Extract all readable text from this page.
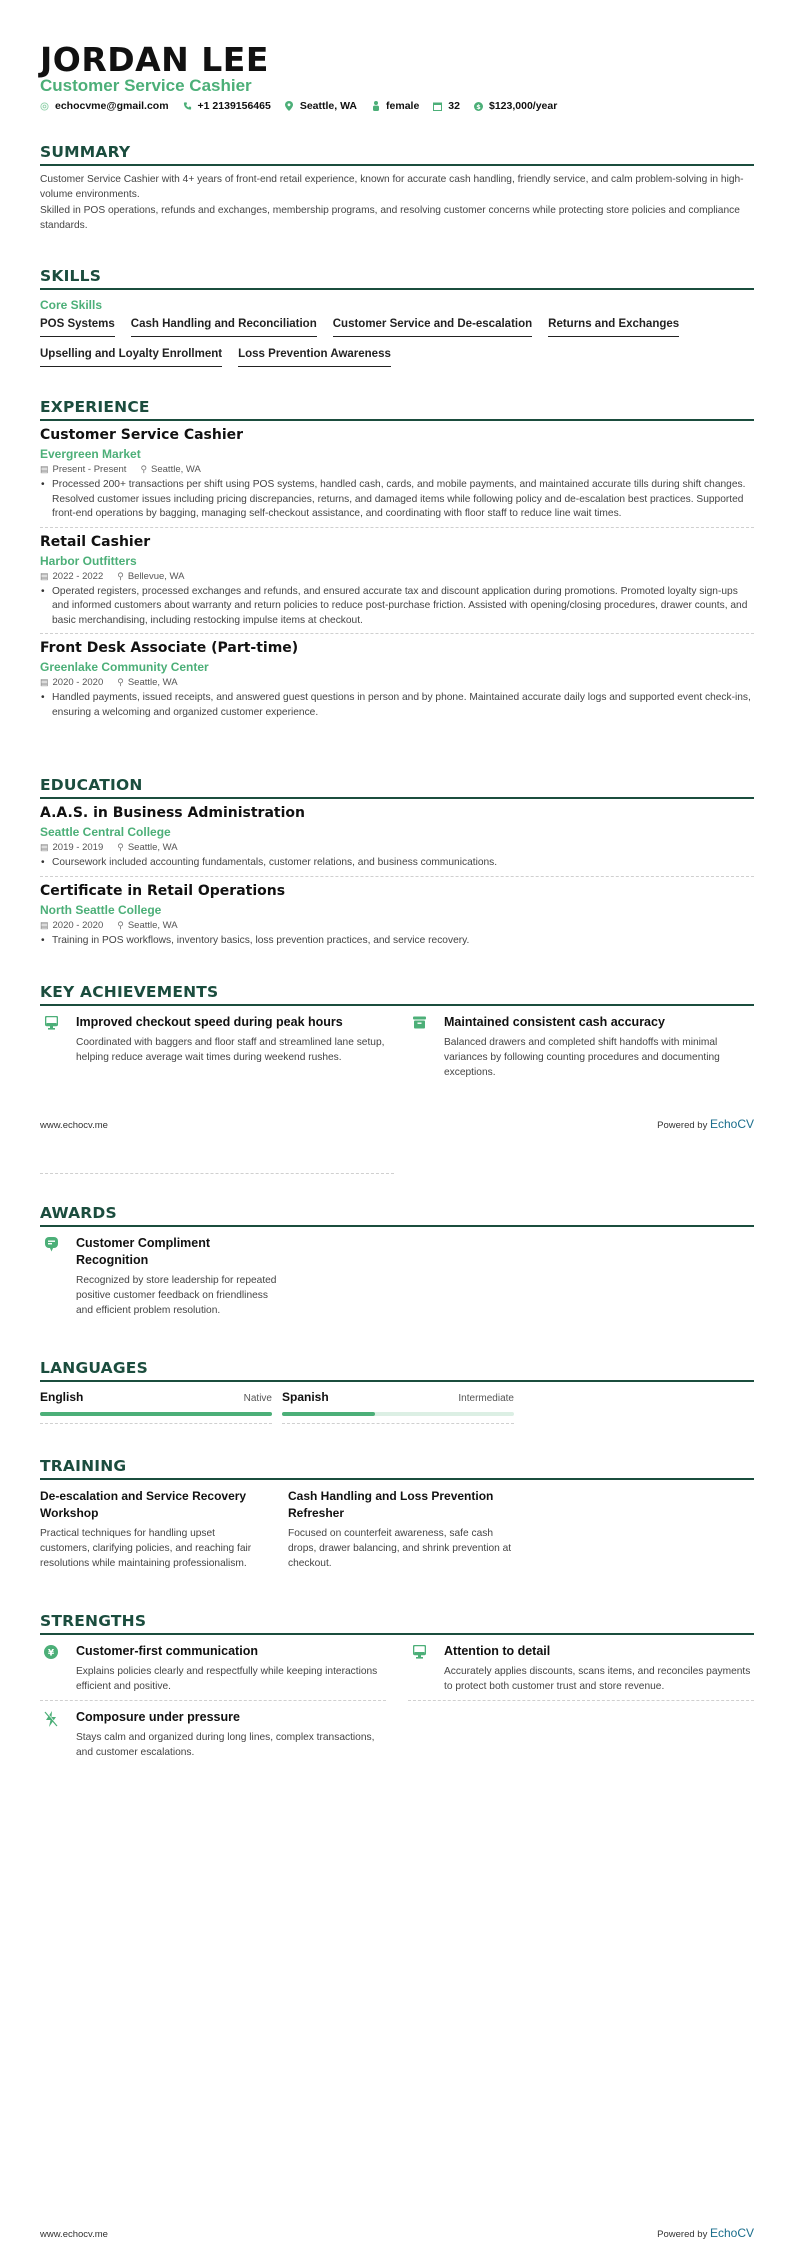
JORDAN LEE
Customer Service Cashier
echocvme@gmail.com	+1 2139156465	Seattle, WA	female	32 $ $123,000/year
SUMMARY
Customer Service Cashier with 4+ years of front-end retail experience, known for accurate cash handling, friendly service, and calm problem-solving in high-volume environments.
Skilled in POS operations, refunds and exchanges, membership programs, and resolving customer concerns while protecting store policies and compliance standards.
SKILLS
Core Skills
POS Systems Cash Handling and Reconciliation Customer Service and De-escalation Returns and Exchanges
Upselling and Loyalty Enrollment Loss Prevention Awareness
EXPERIENCE
Customer Service Cashier
Evergreen Market
▤ Present - Present ⚲ Seattle, WA
• Processed 200+ transactions per shift using POS systems, handled cash, cards, and mobile payments, and maintained accurate tills during shift changes. Resolved customer issues including pricing discrepancies, returns, and damaged items while following policy and de-escalation best practices. Supported front-end operations by bagging, managing self-checkout assistance, and coordinating with floor staff to reduce line wait times.
Retail Cashier
Harbor Outfitters
▤ 2022 - 2022 ⚲ Bellevue, WA
• Operated registers, processed exchanges and refunds, and ensured accurate tax and discount application during promotions. Promoted loyalty sign-ups and informed customers about warranty and return policies to reduce post-purchase friction. Assisted with opening/closing procedures, drawer counts, and basic merchandising, including restocking impulse items at checkout.
Front Desk Associate (Part-time)
Greenlake Community Center
▤ 2020 - 2020 ⚲ Seattle, WA
• Handled payments, issued receipts, and answered guest questions in person and by phone. Maintained accurate daily logs and supported event check-ins, ensuring a welcoming and organized customer experience.
EDUCATION
A.A.S. in Business Administration
Seattle Central College
▤ 2019 - 2019 ⚲ Seattle, WA
• Coursework included accounting fundamentals, customer relations, and business communications.
Certificate in Retail Operations
North Seattle College
▤ 2020 - 2020 ⚲ Seattle, WA
• Training in POS workflows, inventory basics, loss prevention practices, and service recovery.
KEY ACHIEVEMENTS
Improved checkout speed during peak hours
Coordinated with baggers and floor staff and streamlined lane setup, helping reduce average wait times during weekend rushes.
Maintained consistent cash accuracy
Balanced drawers and completed shift handoffs with minimal variances by following counting procedures and documenting exceptions.
www.echocv.me	Powered by EchoCV
AWARDS
Customer Compliment Recognition
Recognized by store leadership for repeated positive customer feedback on friendliness and efficient problem resolution.
LANGUAGES
English	Native Spanish	Intermediate
TRAINING
De-escalation and Service Recovery Workshop
Practical techniques for handling upset customers, clarifying policies, and reaching fair resolutions while maintaining professionalism.
Cash Handling and Loss Prevention Refresher
Focused on counterfeit awareness, safe cash drops, drawer balancing, and shrink prevention at checkout.
STRENGTHS
¥ Customer-first communication
Explains policies clearly and respectfully while keeping interactions efficient and positive.
Attention to detail
Accurately applies discounts, scans items, and reconciles payments to protect both customer trust and store revenue.
Composure under pressure
Stays calm and organized during long lines, complex transactions, and customer escalations.
www.echocv.me	Powered by EchoCV
